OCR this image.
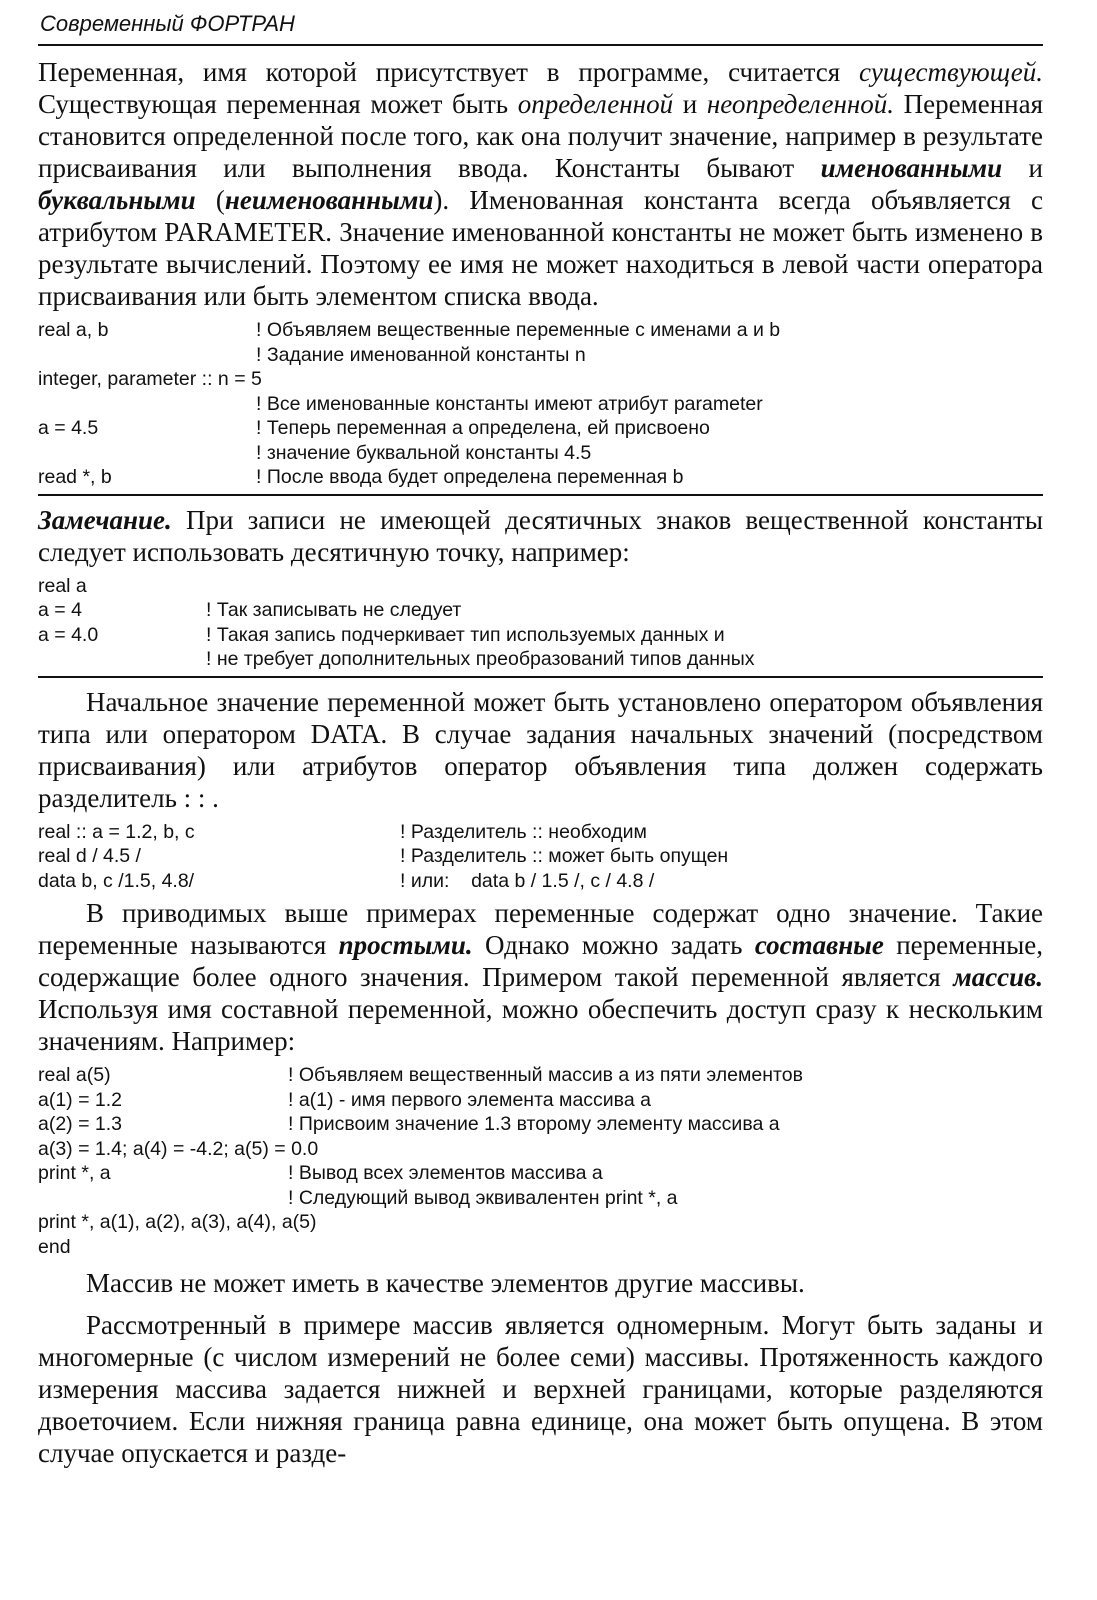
Современный ФОРТРАН

Переменная, имя которой присутствует в программе, считается существующей. Существующая переменная может быть определенной и неопределенной. Переменная становится определенной после того, как она получит значение, например в результате присваивания или выполнения ввода. Константы бывают именованными и буквальными (неименованными). Именованная константа всегда объявляется с атрибутом PARAMETER. Значение именованной константы не может быть изменено в результате вычислений. Поэтому ее имя не может находиться в левой части оператора присваивания или быть элементом списка ввода.

real a, b	! Объявляем вещественные переменные с именами a и b
! Задание именованной константы n
integer, parameter :: n = 5
! Все именованные константы имеют атрибут parameter
a = 4.5	! Теперь переменная a определена, ей присвоено
! значение буквальной константы 4.5
read *, b	! После ввода будет определена переменная b

Замечание. При записи не имеющей десятичных знаков вещественной константы следует использовать десятичную точку, например:

real a
a = 4	! Так записывать не следует
a = 4.0	! Такая запись подчеркивает тип используемых данных и
! не требует дополнительных преобразований типов данных

Начальное значение переменной может быть установлено оператором объявления типа или оператором DATA. В случае задания начальных значений (посредством присваивания) или атрибутов оператор объявления типа должен содержать разделитель : : .

real :: a = 1.2, b, c	! Разделитель :: необходим
real d / 4.5 /	! Разделитель :: может быть опущен
data b, c /1.5, 4.8/	! или:    data b / 1.5 /, c / 4.8 /

В приводимых выше примерах переменные содержат одно значение. Такие переменные называются простыми. Однако можно задать составные переменные, содержащие более одного значения. Примером такой переменной является массив. Используя имя составной переменной, можно обеспечить доступ сразу к нескольким значениям. Например:

real a(5)	! Объявляем вещественный массив a из пяти элементов
a(1) = 1.2	! a(1) - имя первого элемента массива a
a(2) = 1.3	! Присвоим значение 1.3 второму элементу массива a
a(3) = 1.4; a(4) = -4.2; a(5) = 0.0
print *, a	! Вывод всех элементов массива a
! Следующий вывод эквивалентен print *, a
print *, a(1), a(2), a(3), a(4), a(5)
end

Массив не может иметь в качестве элементов другие массивы.

Рассмотренный в примере массив является одномерным. Могут быть заданы и многомерные (с числом измерений не более семи) массивы. Протяженность каждого измерения массива задается нижней и верхней границами, которые разделяются двоеточием. Если нижняя граница равна единице, она может быть опущена. В этом случае опускается и разде-
